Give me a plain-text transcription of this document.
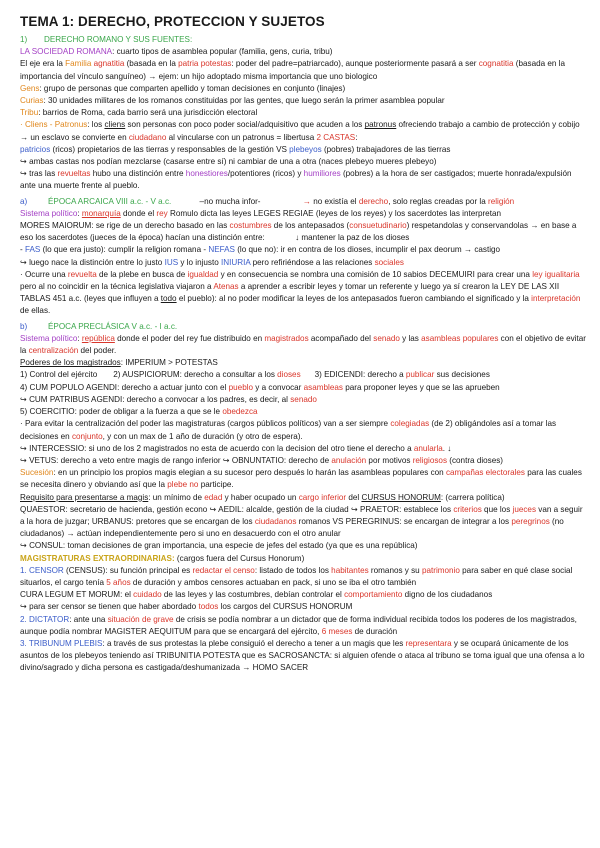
TEMA 1: DERECHO, PROTECCION Y SUJETOS

1) DERECHO ROMANO Y SUS FUENTES:

LA SOCIEDAD ROMANA: cuarto tipos de asamblea popular (familia, gens, curia, tribu)

El eje era la Familia agnatitia (basada en la patria potestas: poder del padre=patriarcado), aunque posteriormente pasará a ser cognatitia (basada en la importancia del vínculo sanguíneo) → ejem: un hijo adoptado misma importancia que uno biologico

Gens: grupo de personas que comparten apellido y toman decisiones en conjunto (linajes)

Curias: 30 unidades militares de los romanos constituidas por las gentes, que luego serán la primer asamblea popular

Tribu: barrios de Roma, cada barrio será una jurisdicción electoral

· Cliens - Patronus: los cliens son personas con poco poder social/adquisitivo que acuden a los patronus ofreciendo trabajo a cambio de protección y cobijo → un esclavo se convierte en ciudadano al vincularse con un patronus = libertusa 2 CASTAS:

patricios (ricos) propietarios de las tierras y responsables de la gestión VS plebeyos (pobres) trabajadores de las tierras

↪ ambas castas nos podían mezclarse (casarse entre sí) ni cambiar de una a otra (naces plebeyo mueres plebeyo)

↪ tras las revueltas hubo una distinción entre honestiores/potentiores (ricos) y humiliores (pobres) a la hora de ser castigados; muerte honrada/expulsión ante una muerte frente al pueblo.

a)	ÉPOCA ARCAICA VIII a.c. - V a.c.	–no mucha infor-	→ no existía el derecho, solo reglas creadas por la religión

Sistema político: monarquía donde el rey Romulo dicta las leyes LEGES REGIAE (leyes de los reyes) y los sacerdotes las interpretan

MORES MAIORUM: se rige de un derecho basado en las costumbres de los antepasados (consuetudinario) respetandolas y conservandolas → en base a eso los sacerdotes (jueces de la época) hacían una distinción entre:	↓ mantener la paz de los dioses

- FAS (lo que era justo): cumplir la religion romana - NEFAS (lo que no): ir en contra de los dioses, incumplir el pax deorum → castigo

↪ luego nace la distinción entre lo justo IUS y lo injusto INIURIA pero refiriéndose a las relaciones sociales

· Ocurre una revuelta de la plebe en busca de igualdad y en consecuencia se nombra una comisión de 10 sabios DECEMUIRI para crear una ley igualitaria pero al no coincidir en la técnica legislativa viajaron a Atenas a aprender a escribir leyes y tomar un referente y luego ya sí crearon la LEY DE LAS XII TABLAS 451 a.c. (leyes que influyen a todo el pueblo): al no poder modificar la leyes de los antepasados fueron cambiando el significado y la interpretación de ellas.

b)	ÉPOCA PRECLÁSICA V a.c. - I a.c.

Sistema político: república donde el poder del rey fue distribuido en magistrados acompañado del senado y las asambleas populares con el objetivo de evitar la centralización del poder.

Poderes de los magistrados: IMPERIUM > POTESTAS

1) Control del ejército 2) AUSPICIORUM: derecho a consultar a los dioses 3) EDICENDI: derecho a publicar sus decisiones

4) CUM POPULO AGENDI: derecho a actuar junto con el pueblo y a convocar asambleas para proponer leyes y que se las aprueben

↪ CUM PATRIBUS AGENDI: derecho a convocar a los padres, es decir, al senado

5) COERCITIO: poder de obligar a la fuerza a que se le obedezca

· Para evitar la centralización del poder las magistraturas (cargos públicos políticos) van a ser siempre colegiadas (de 2) obligándoles así a tomar las decisiones en conjunto, y con un max de 1 año de duración (y otro de espera).

↪ INTERCESSIO: si uno de los 2 magistrados no esta de acuerdo con la decision del otro tiene el derecho a anularla. ↓

↪ VETUS: derecho a veto entre magis de rango inferior ↪ OBNUNTATIO: derecho de anulación por motivos religiosos (contra dioses)

Sucesión: en un principio los propios magis elegian a su sucesor pero después lo harán las asambleas populares con campañas electorales para las cuales se necesita dinero y obviando así que la plebe no participe.

Requisito para presentarse a magis: un mínimo de edad y haber ocupado un cargo inferior del CURSUS HONORUM: (carrera política)

QUAESTOR: secretario de hacienda, gestión econo ↪ AEDIL: alcalde, gestión de la ciudad ↪ PRAETOR: establece los criterios que los jueces van a seguir a la hora de juzgar; URBANUS: pretores que se encargan de los ciudadanos romanos VS PEREGRINUS: se encargan de integrar a los peregrinos (no ciudadanos) → actúan independientemente pero si uno en desacuerdo con el otro anular

↪ CONSUL: toman decisiones de gran importancia, una especie de jefes del estado (ya que es una república)

MAGISTRATURAS EXTRAORDINARIAS: (cargos fuera del Cursus Honorum)

1. CENSOR (CENSUS): su función principal es redactar el censo: listado de todos los habitantes romanos y su patrimonio para saber en qué clase social situarlos, el cargo tenía 5 años de duración y ambos censores actuaban en pack, si uno se iba el otro también

CURA LEGUM ET MORUM: el cuidado de las leyes y las costumbres, debían controlar el comportamiento digno de los ciudadanos

↪ para ser censor se tienen que haber abordado todos los cargos del CURSUS HONORUM

2. DICTATOR: ante una situación de grave de crisis se podía nombrar a un dictador que de forma individual recibida todos los poderes de los magistrados, aunque podía nombrar MAGISTER AEQUITUM para que se encargará del ejército, 6 meses de duración

3. TRIBUNUM PLEBIS: a través de sus protestas la plebe consiguió el derecho a tener a un magis que les representara y se ocupará únicamente de los asuntos de los plebeyos teniendo así TRIBUNITIA POTESTA que es SACROSANCTA: si alguien ofende o ataca al tribuno se toma igual que una ofensa a lo divino/sagrado y dicha persona es castigada/deshumanizada → HOMO SACER
